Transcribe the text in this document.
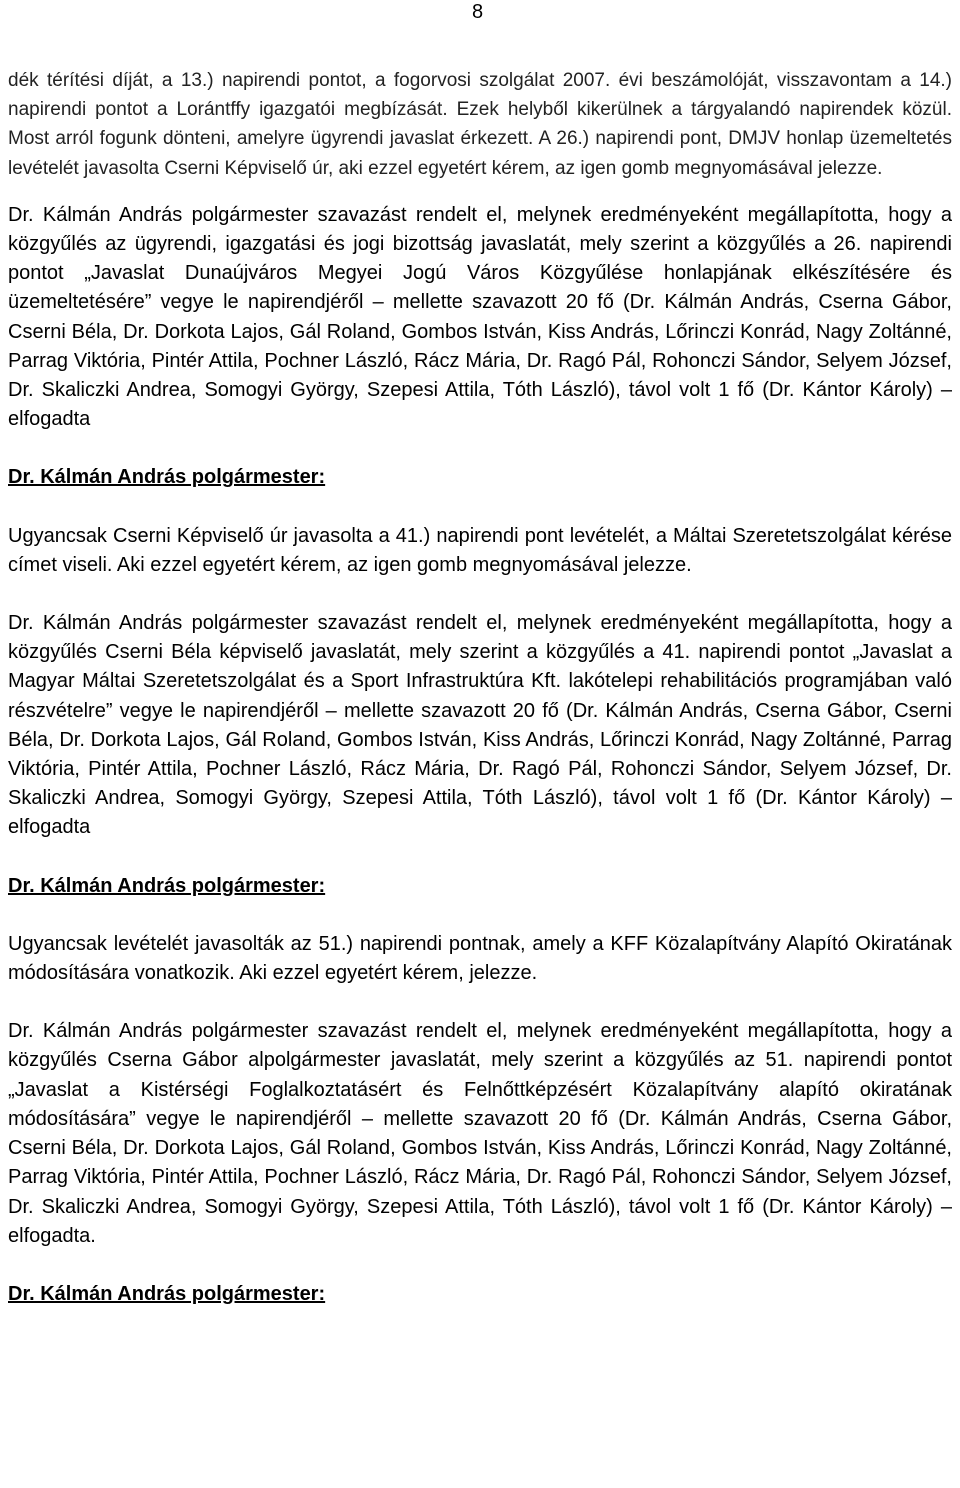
8

dék térítési díját, a 13.) napirendi pontot, a fogorvosi szolgálat 2007. évi beszámolóját, visszavontam a 14.) napirendi pontot a Lorántffy igazgatói megbízását. Ezek helyből kikerülnek a tárgyalandó napirendek közül. Most arról fogunk dönteni, amelyre ügyrendi javaslat érkezett. A 26.) napirendi pont, DMJV honlap üzemeltetés levételét javasolta Cserni Képviselő úr, aki ezzel egyetért kérem, az igen gomb megnyomásával jelezze.

Dr. Kálmán András polgármester szavazást rendelt el, melynek eredményeként megállapította, hogy a közgyűlés az ügyrendi, igazgatási és jogi bizottság javaslatát, mely szerint a közgyűlés a 26. napirendi pontot „Javaslat Dunaújváros Megyei Jogú Város Közgyűlése honlapjának elkészítésére és üzemeltetésére” vegye le napirendjéről – mellette szavazott 20 fő (Dr. Kálmán András, Cserna Gábor, Cserni Béla, Dr. Dorkota Lajos, Gál Roland, Gombos István, Kiss András, Lőrinczi Konrád, Nagy Zoltánné, Parrag Viktória, Pintér Attila, Pochner László, Rácz Mária, Dr. Ragó Pál, Rohonczi Sándor, Selyem József, Dr. Skaliczki Andrea, Somogyi György, Szepesi Attila, Tóth László), távol volt 1 fő (Dr. Kántor Károly) – elfogadta

Dr. Kálmán András polgármester:

Ugyancsak Cserni Képviselő úr javasolta a 41.) napirendi pont levételét, a Máltai Szeretetszolgálat kérése címet viseli. Aki ezzel egyetért kérem, az igen gomb megnyomásával jelezze.

Dr. Kálmán András polgármester szavazást rendelt el, melynek eredményeként megállapította, hogy a közgyűlés Cserni Béla képviselő javaslatát, mely szerint a közgyűlés a 41. napirendi pontot „Javaslat a Magyar Máltai Szeretetszolgálat és a Sport Infrastruktúra Kft. lakótelepi rehabilitációs programjában való részvételre” vegye le napirendjéről – mellette szavazott 20 fő (Dr. Kálmán András, Cserna Gábor, Cserni Béla, Dr. Dorkota Lajos, Gál Roland, Gombos István, Kiss András, Lőrinczi Konrád, Nagy Zoltánné, Parrag Viktória, Pintér Attila, Pochner László, Rácz Mária, Dr. Ragó Pál, Rohonczi Sándor, Selyem József, Dr. Skaliczki Andrea, Somogyi György, Szepesi Attila, Tóth László), távol volt 1 fő (Dr. Kántor Károly) – elfogadta

Dr. Kálmán András polgármester:

Ugyancsak levételét javasolták az 51.) napirendi pontnak, amely a KFF Közalapítvány Alapító Okiratának módosítására vonatkozik. Aki ezzel egyetért kérem, jelezze.

Dr. Kálmán András polgármester szavazást rendelt el, melynek eredményeként megállapította, hogy a közgyűlés Cserna Gábor alpolgármester javaslatát, mely szerint a közgyűlés az 51. napirendi pontot „Javaslat a Kistérségi Foglalkoztatásért és Felnőttképzésért Közalapítvány alapító okiratának módosítására” vegye le napirendjéről – mellette szavazott 20 fő (Dr. Kálmán András, Cserna Gábor, Cserni Béla, Dr. Dorkota Lajos, Gál Roland, Gombos István, Kiss András, Lőrinczi Konrád, Nagy Zoltánné, Parrag Viktória, Pintér Attila, Pochner László, Rácz Mária, Dr. Ragó Pál, Rohonczi Sándor, Selyem József, Dr. Skaliczki Andrea, Somogyi György, Szepesi Attila, Tóth László), távol volt 1 fő (Dr. Kántor Károly) – elfogadta.

Dr. Kálmán András polgármester:
